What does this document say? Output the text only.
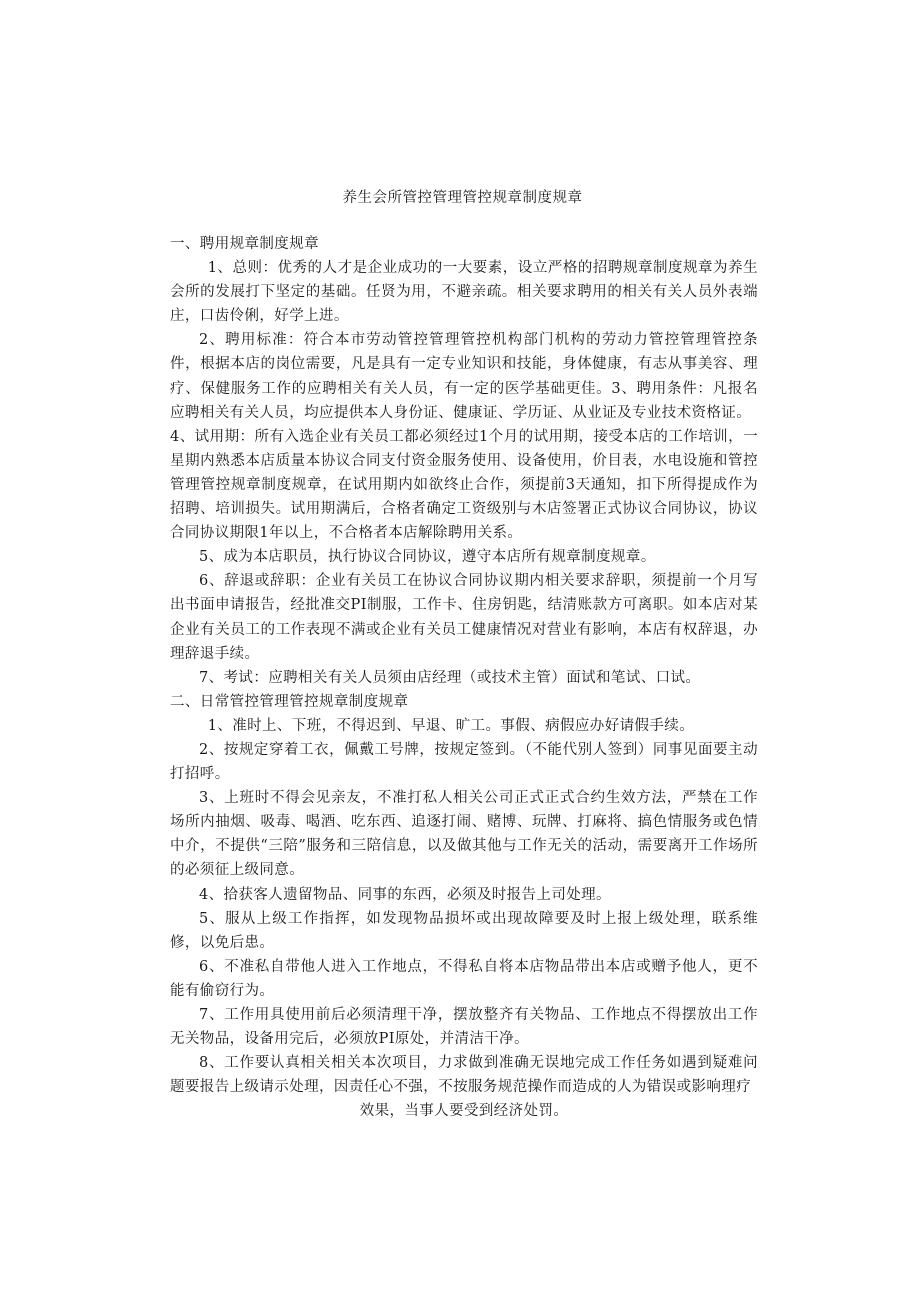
养生会所管控管理管控规章制度规章

一、聘用规章制度规章

1、总则：优秀的人才是企业成功的一大要素，设立严格的招聘规章制度规章为养生会所的发展打下坚定的基础。任贤为用，不避亲疏。相关要求聘用的相关有关人员外表端庄，口齿伶俐，好学上进。

2、聘用标准：符合本市劳动管控管理管控机构部门机构的劳动力管控管理管控条件，根据本店的岗位需要，凡是具有一定专业知识和技能，身体健康，有志从事美容、理疗、保健服务工作的应聘相关有关人员，有一定的医学基础更佳。3、聘用条件：凡报名应聘相关有关人员，均应提供本人身份证、健康证、学历证、从业证及专业技术资格证。

4、试用期：所有入选企业有关员工都必须经过1个月的试用期，接受本店的工作培训，一星期内熟悉本店质量本协议合同支付资金服务使用、设备使用，价目表，水电设施和管控管理管控规章制度规章，在试用期内如欲终止合作，须提前3天通知，扣下所得提成作为招聘、培训损失。试用期满后，合格者确定工资级别与木店签署正式协议合同协议，协议合同协议期限1年以上，不合格者本店解除聘用关系。

5、成为本店职员，执行协议合同协议，遵守本店所有规章制度规章。

6、辞退或辞职：企业有关员工在协议合同协议期内相关要求辞职，须提前一个月写出书面申请报告，经批准交PI制服，工作卡、住房钥匙，结清账款方可离职。如本店对某企业有关员工的工作表现不满或企业有关员工健康情况对营业有影响，本店有权辞退，办理辞退手续。

7、考试：应聘相关有关人员须由店经理（或技术主管）面试和笔试、口试。

二、日常管控管理管控规章制度规章

1、准时上、下班，不得迟到、早退、旷工。事假、病假应办好请假手续。

2、按规定穿着工衣，佩戴工号牌，按规定签到。（不能代别人签到）同事见面要主动打招呼。

3、上班时不得会见亲友，不准打私人相关公司正式正式合约生效方法，严禁在工作场所内抽烟、吸毒、喝酒、吃东西、追逐打闹、赌博、玩牌、打麻将、搞色情服务或色情中介，不提供“三陪”服务和三陪信息，以及做其他与工作无关的活动，需要离开工作场所的必须征上级同意。

4、拾获客人遗留物品、同事的东西，必须及时报告上司处理。

5、服从上级工作指挥，如发现物品损坏或出现故障要及时上报上级处理，联系维修，以免后患。

6、不准私自带他人进入工作地点，不得私自将本店物品带出本店或赠予他人，更不能有偷窃行为。

7、工作用具使用前后必须清理干净，摆放整齐有关物品、工作地点不得摆放出工作无关物品，设备用完后，必须放PI原处，并清洁干净。

8、工作要认真相关相关本次项目，力求做到准确无误地完成工作任务如遇到疑难问题要报告上级请示处理，因责任心不强，不按服务规范操作而造成的人为错误或影响理疗

效果，当事人要受到经济处罚。
